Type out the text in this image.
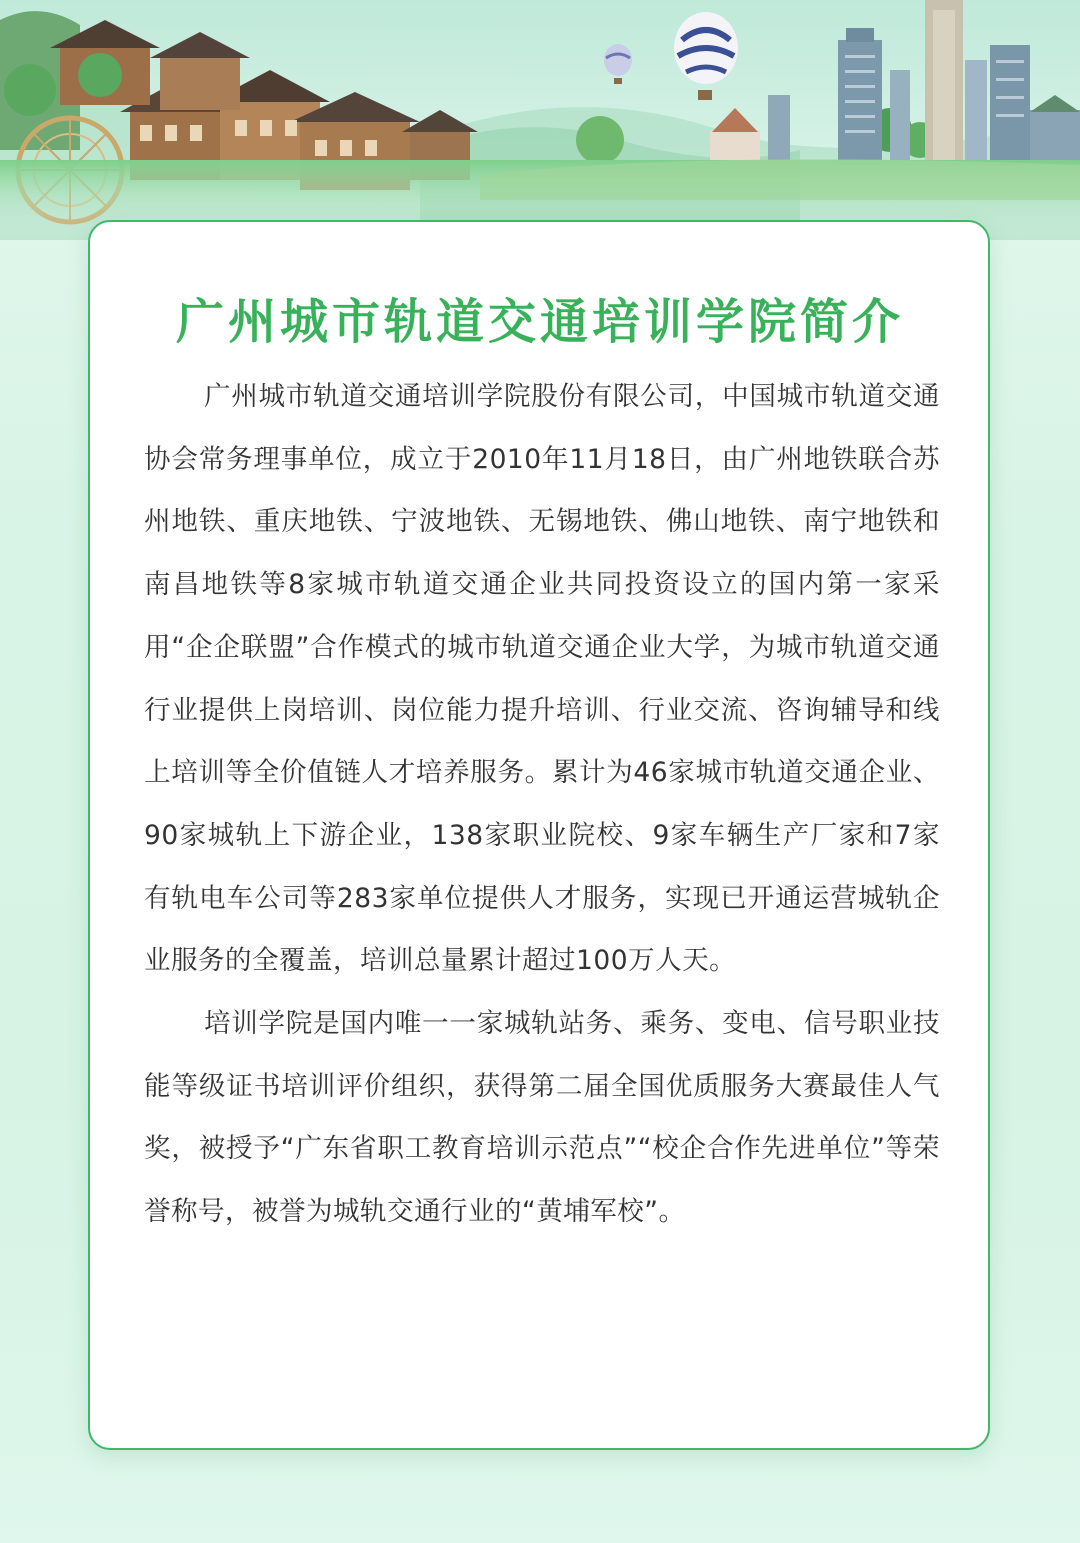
广州城市轨道交通培训学院简介

广州城市轨道交通培训学院股份有限公司，中国城市轨道交通协会常务理事单位，成立于2010年11月18日，由广州地铁联合苏州地铁、重庆地铁、宁波地铁、无锡地铁、佛山地铁、南宁地铁和南昌地铁等8家城市轨道交通企业共同投资设立的国内第一家采用“企企联盟”合作模式的城市轨道交通企业大学，为城市轨道交通行业提供上岗培训、岗位能力提升培训、行业交流、咨询辅导和线上培训等全价值链人才培养服务。累计为46家城市轨道交通企业、90家城轨上下游企业，138家职业院校、9家车辆生产厂家和7家有轨电车公司等283家单位提供人才服务，实现已开通运营城轨企业服务的全覆盖，培训总量累计超过100万人天。

培训学院是国内唯一一家城轨站务、乘务、变电、信号职业技能等级证书培训评价组织，获得第二届全国优质服务大赛最佳人气奖，被授予“广东省职工教育培训示范点”“校企合作先进单位”等荣誉称号，被誉为城轨交通行业的“黄埔军校”。
